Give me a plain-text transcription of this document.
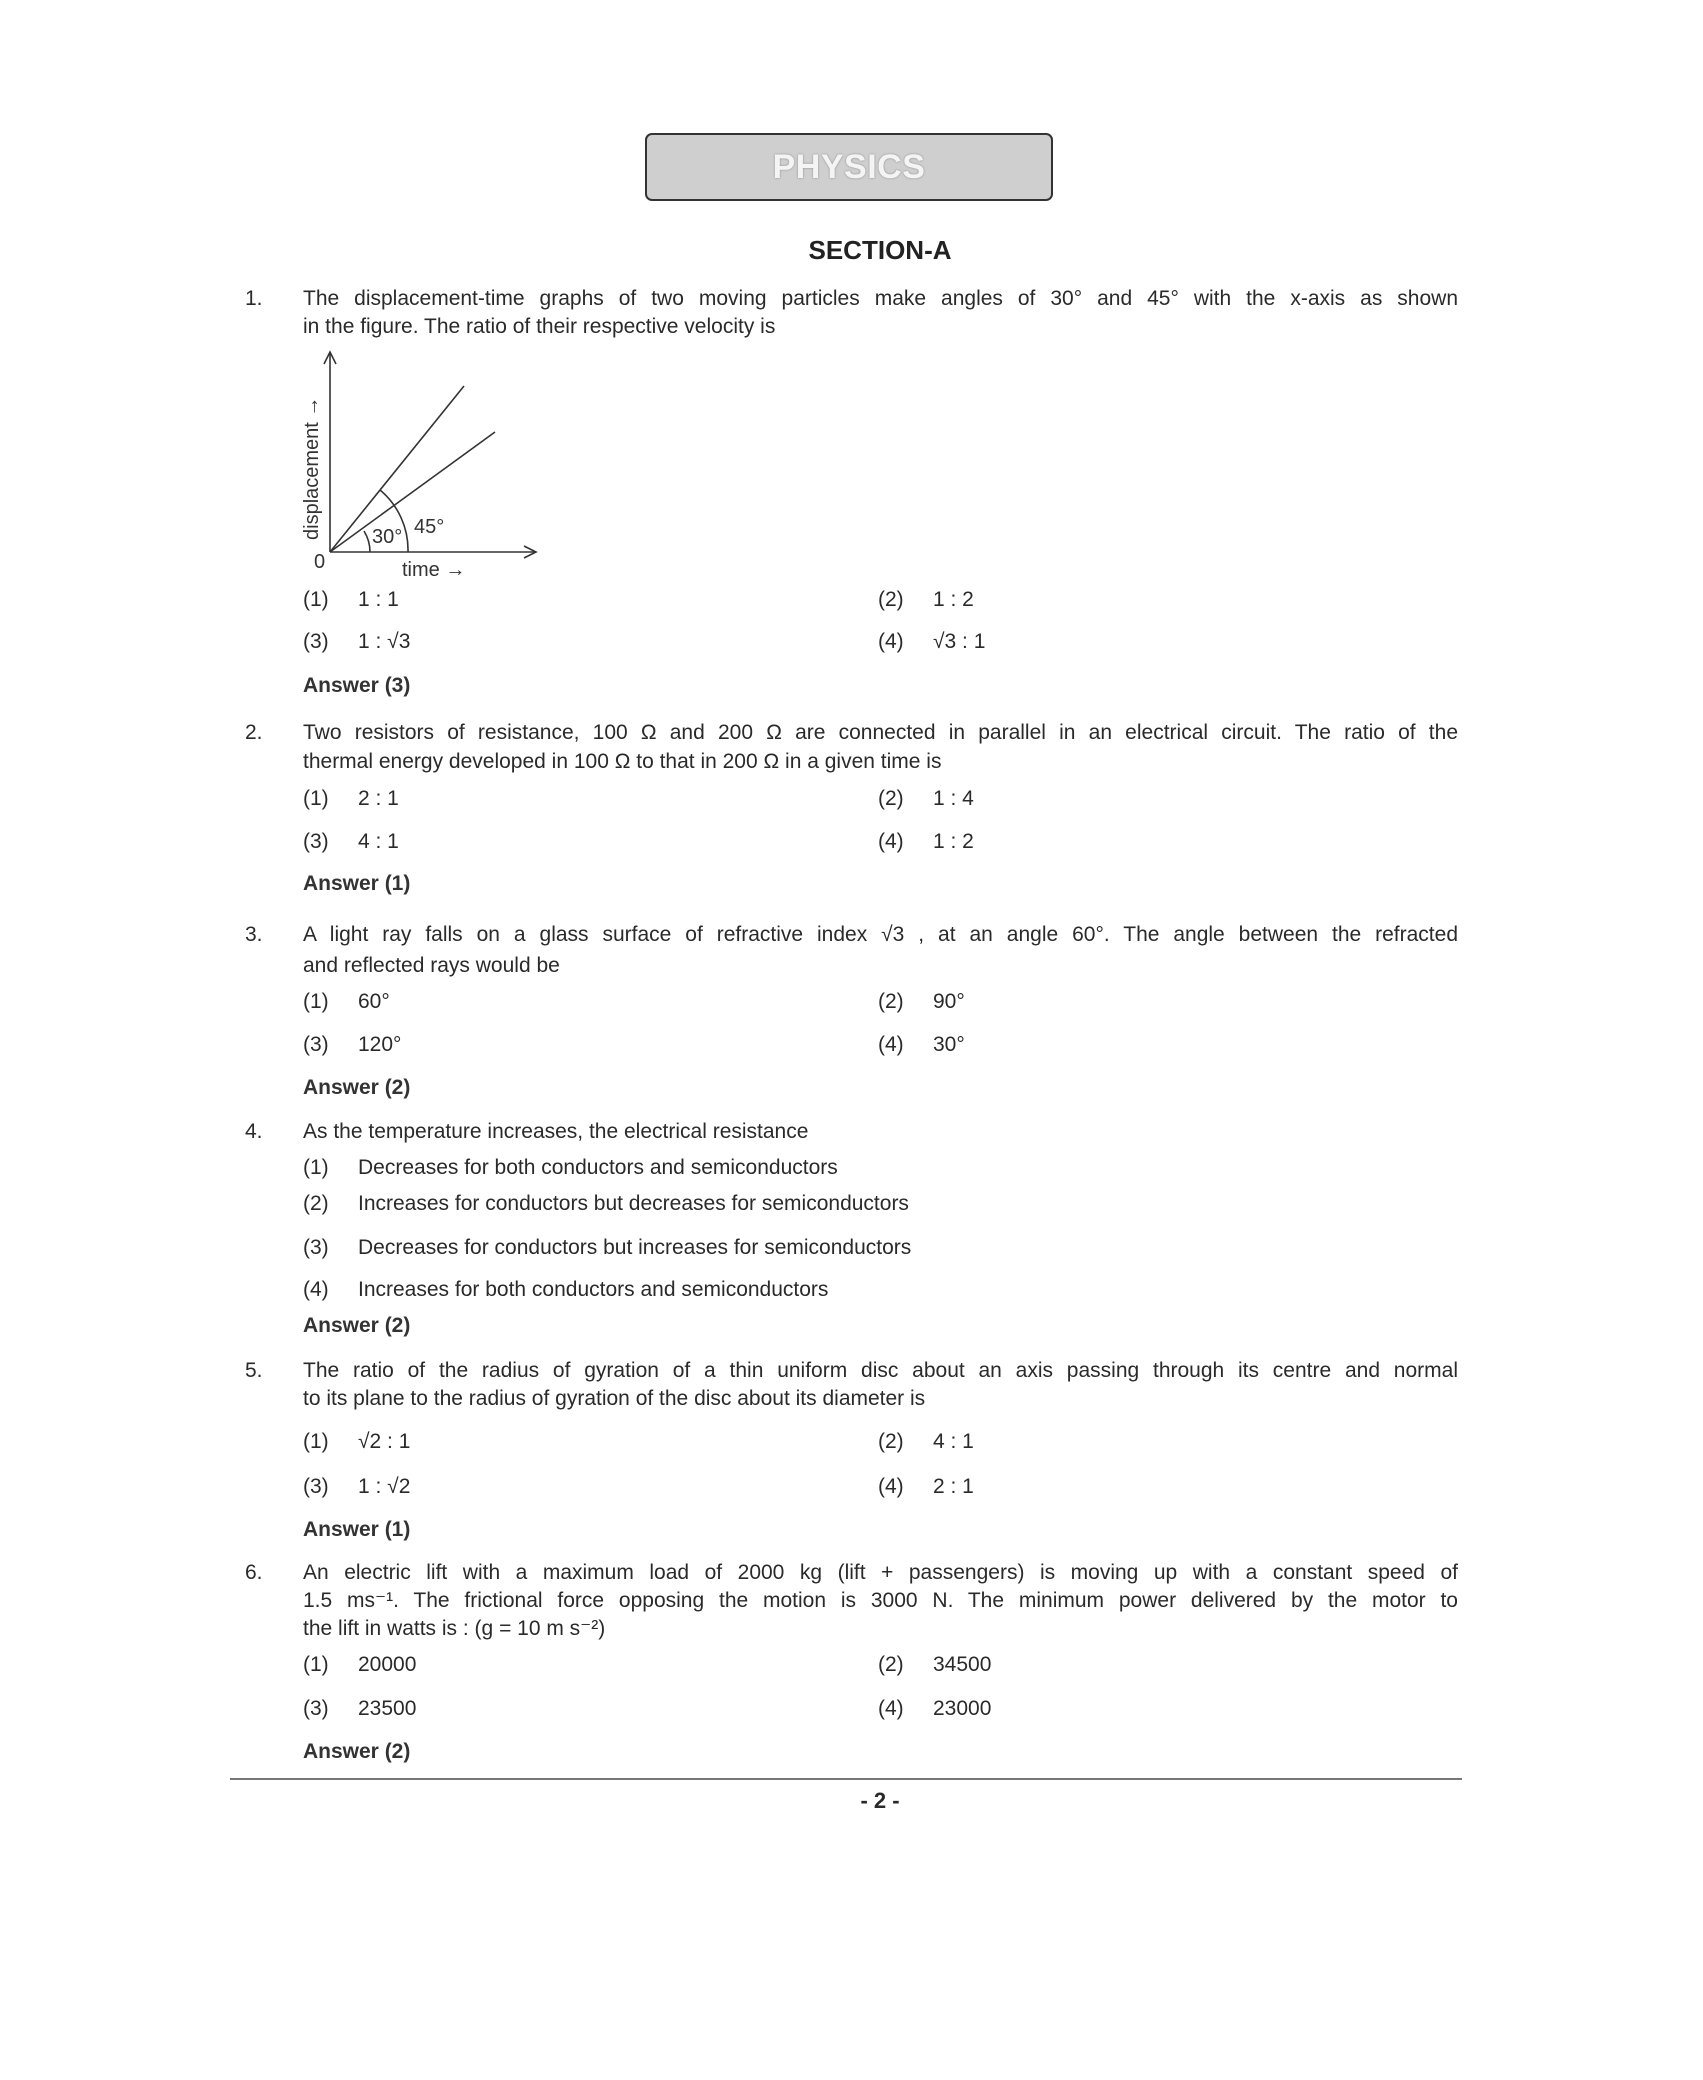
PHYSICS
SECTION-A
30° 45°
0	time →
displacement →
1. The displacement-time graphs of two moving particles make angles of 30° and 45° with the x-axis as shown
in the figure. The ratio of their respective velocity is
(1) 1 : 1	(2) 1 : 2
(3) 1 : √3	(4) √3 : 1
Answer (3)
2. Two resistors of resistance, 100 Ω and 200 Ω are connected in parallel in an electrical circuit. The ratio of the
thermal energy developed in 100 Ω to that in 200 Ω in a given time is
(1) 2 : 1	(2) 1 : 4
(3) 4 : 1	(4) 1 : 2
Answer (1)
3. A light ray falls on a glass surface of refractive index √3 , at an angle 60°. The angle between the refracted
and reflected rays would be
(1) 60°	(2) 90°
(3) 120°	(4) 30°
Answer (2)
4. As the temperature increases, the electrical resistance
(1) Decreases for both conductors and semiconductors
(2) Increases for conductors but decreases for semiconductors
(3) Decreases for conductors but increases for semiconductors
(4) Increases for both conductors and semiconductors
Answer (2)
5. The ratio of the radius of gyration of a thin uniform disc about an axis passing through its centre and normal
to its plane to the radius of gyration of the disc about its diameter is
(1) √2 : 1	(2) 4 : 1
(3) 1 : √2	(4) 2 : 1
Answer (1)
6. An electric lift with a maximum load of 2000 kg (lift + passengers) is moving up with a constant speed of
1.5 ms⁻¹. The frictional force opposing the motion is 3000 N. The minimum power delivered by the motor to
the lift in watts is : (g = 10 m s⁻²)
(1) 20000	(2) 34500
(3) 23500	(4) 23000
Answer (2)
- 2 -
